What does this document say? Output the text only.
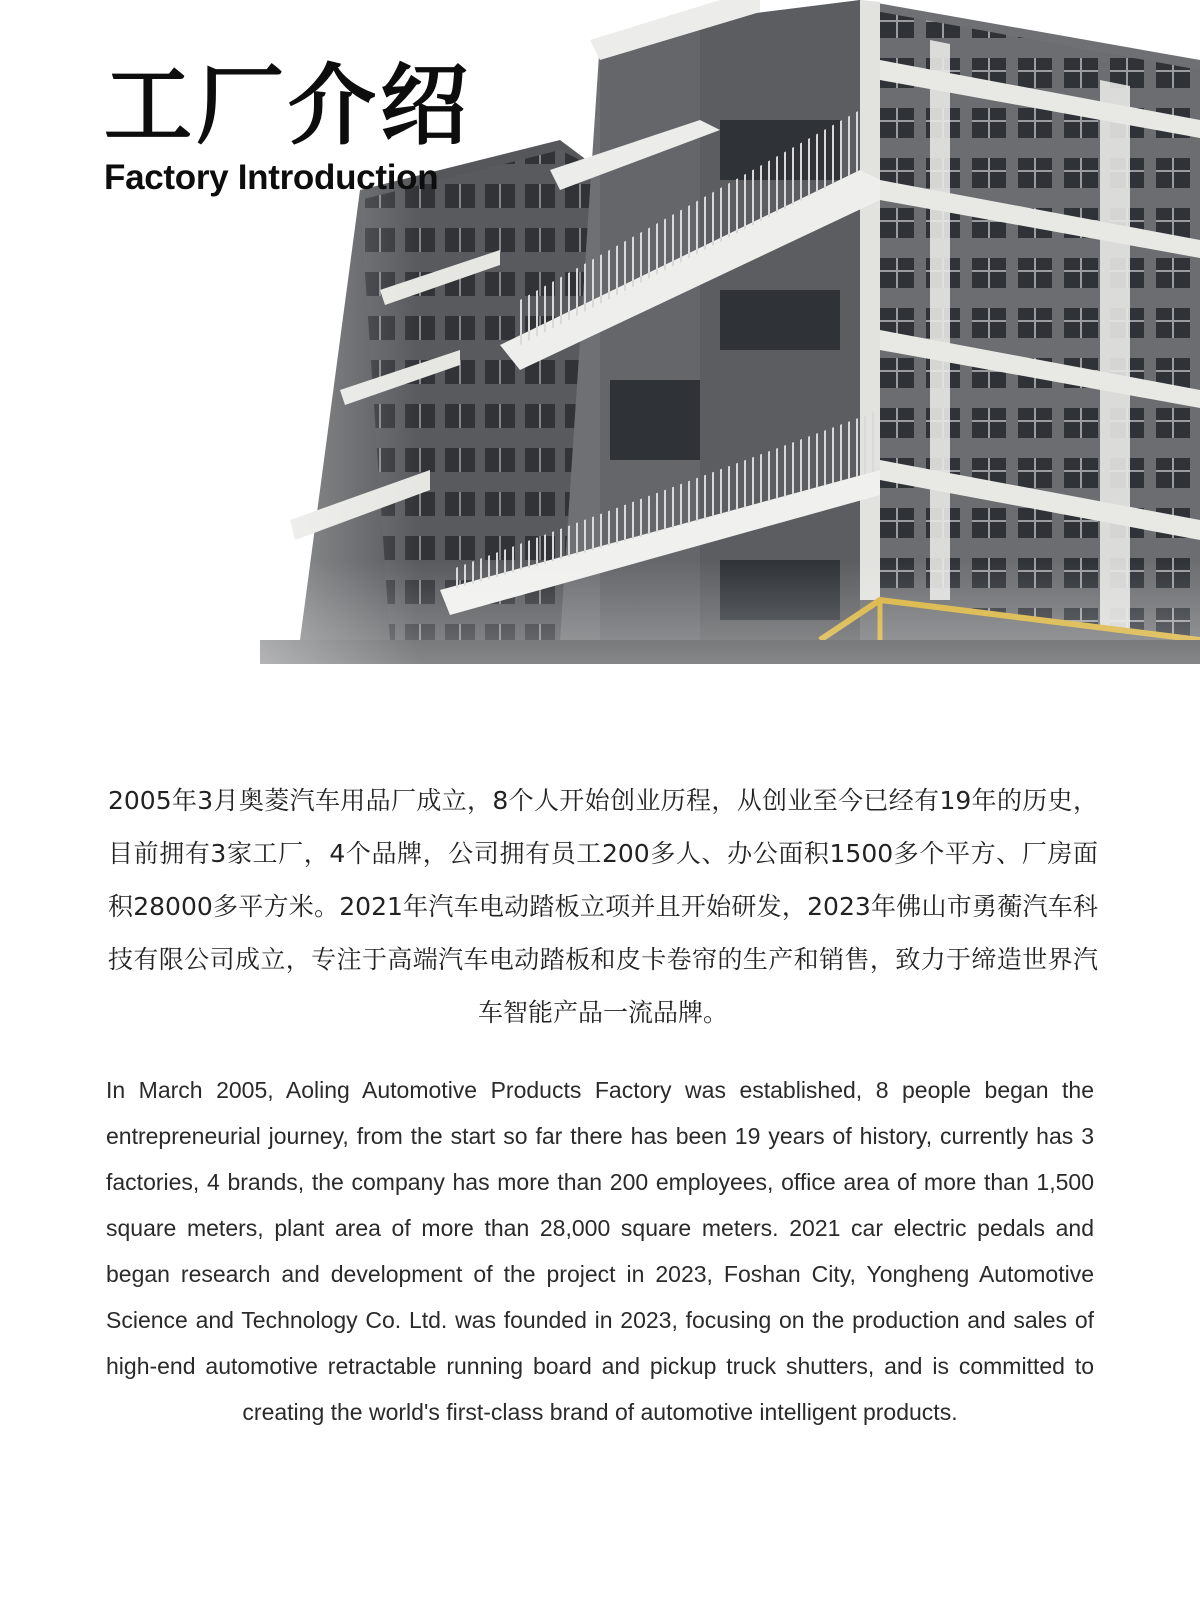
工厂介绍
Factory Introduction

2005年3月奥菱汽车用品厂成立，8个人开始创业历程，从创业至今已经有19年的历史，目前拥有3家工厂，4个品牌，公司拥有员工200多人、办公面积1500多个平方、厂房面积28000多平方米。2021年汽车电动踏板立项并且开始研发，2023年佛山市勇蘅汽车科技有限公司成立，专注于高端汽车电动踏板和皮卡卷帘的生产和销售，致力于缔造世界汽车智能产品一流品牌。

In March 2005, Aoling Automotive Products Factory was established, 8 people began the entrepreneurial journey, from the start so far there has been 19 years of history, currently has 3 factories, 4 brands, the company has more than 200 employees, office area of more than 1,500 square meters, plant area of more than 28,000 square meters. 2021 car electric pedals and began research and development of the project in 2023, Foshan City, Yongheng Automotive Science and Technology Co. Ltd. was founded in 2023, focusing on the production and sales of high-end automotive retractable running board and pickup truck shutters, and is committed to creating the world's first-class brand of automotive intelligent products.
